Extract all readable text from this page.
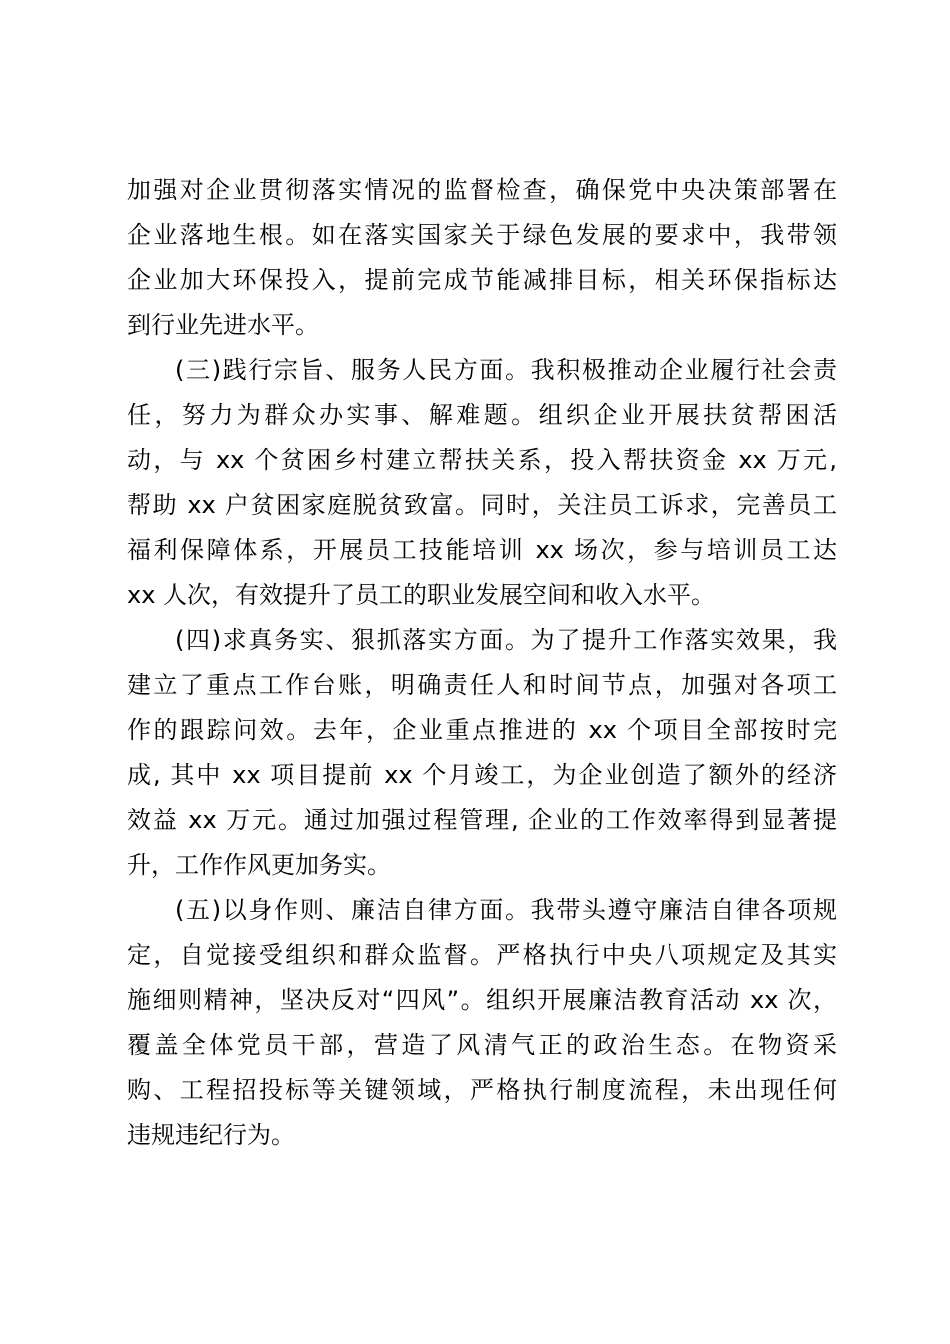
加强对企业贯彻落实情况的监督检查，确保党中央决策部署在
企业落地生根。如在落实国家关于绿色发展的要求中，我带领
企业加大环保投入，提前完成节能减排目标，相关环保指标达
到行业先进水平。
(三)践行宗旨、服务人民方面。我积极推动企业履行社会责
任，努力为群众办实事、解难题。组织企业开展扶贫帮困活
动，与 xx 个贫困乡村建立帮扶关系，投入帮扶资金 xx 万元,
帮助 xx 户贫困家庭脱贫致富。同时，关注员工诉求，完善员工
福利保障体系，开展员工技能培训 xx 场次，参与培训员工达
xx 人次，有效提升了员工的职业发展空间和收入水平。
(四)求真务实、狠抓落实方面。为了提升工作落实效果，我
建立了重点工作台账，明确责任人和时间节点，加强对各项工
作的跟踪问效。去年，企业重点推进的 xx 个项目全部按时完
成, 其中 xx 项目提前 xx 个月竣工，为企业创造了额外的经济
效益 xx 万元。通过加强过程管理, 企业的工作效率得到显著提
升，工作作风更加务实。
(五)以身作则、廉洁自律方面。我带头遵守廉洁自律各项规
定，自觉接受组织和群众监督。严格执行中央八项规定及其实
施细则精神，坚决反对“四风”。组织开展廉洁教育活动 xx 次，
覆盖全体党员干部，营造了风清气正的政治生态。在物资采
购、工程招投标等关键领域，严格执行制度流程，未出现任何
违规违纪行为。
